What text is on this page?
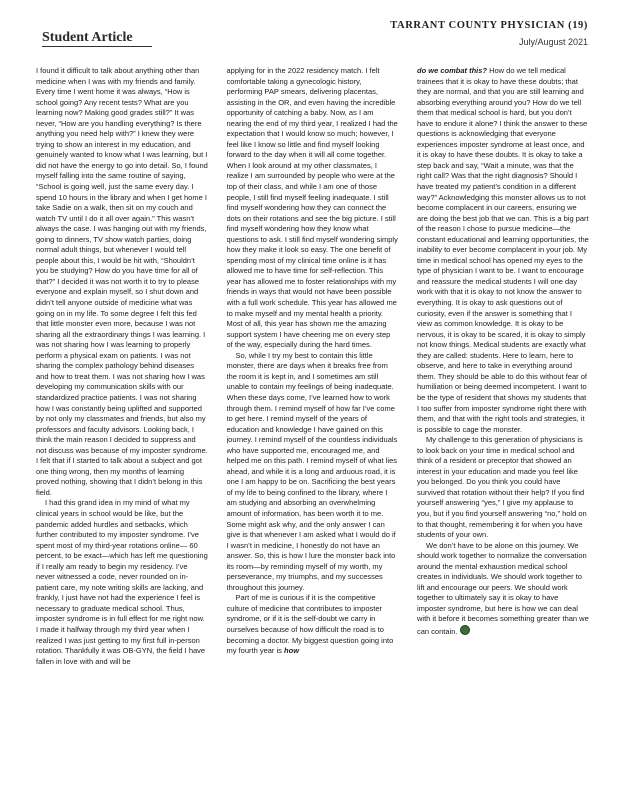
Student Article
TARRANT COUNTY PHYSICIAN (19)
July/August 2021

I found it difficult to talk about anything other than medicine when I was with my friends and family. Every time I went home it was always, “How is school going? Any recent tests? What are you learning now? Making good grades still?” It was never, “How are you handling everything? Is there anything you need help with?” I knew they were trying to show an interest in my education, and genuinely wanted to know what I was learning, but I did not have the energy to go into detail. So, I found myself falling into the same routine of saying, “School is going well, just the same every day. I spend 10 hours in the library and when I get home I take Sadie on a walk, then sit on my couch and watch TV until I do it all over again.” This wasn’t always the case. I was hanging out with my friends, going to dinners, TV show watch parties, doing normal adult things, but whenever I would tell people about this, I would be hit with, “Shouldn’t you be studying? How do you have time for all of that?” I decided it was not worth it to try to please everyone and explain myself, so I shut down and didn’t tell anyone outside of medicine what was going on in my life. To some degree I felt this fed that little monster even more, because I was not sharing all the extraordinary things I was learning. I was not sharing how I was learning to properly perform a physical exam on patients. I was not sharing the complex pathology behind diseases and how to treat them. I was not sharing how I was developing my communication skills with our standardized practice patients. I was not sharing how I was constantly being uplifted and supported by not only my classmates and friends, but also my professors and faculty advisors. Looking back, I think the main reason I decided to suppress and not discuss was because of my imposter syndrome. I felt that if I started to talk about a subject and got one thing wrong, then my months of learning proved nothing, showing that I didn’t belong in this field.

I had this grand idea in my mind of what my clinical years in school would be like, but the pandemic added hurdles and setbacks, which further contributed to my imposter syndrome. I’ve spent most of my third-year rotations online— 60 percent, to be exact—which has left me questioning if I really am ready to begin my residency. I’ve never witnessed a code, never rounded on in-patient care, my note writing skills are lacking, and frankly, I just have not had the experience I feel is necessary to graduate medical school. Thus, imposter syndrome is in full effect for me right now. I made it halfway through my third year when I realized I was just getting to my first full in-person rotation. Thankfully it was OB-GYN, the field I have fallen in love with and will be

applying for in the 2022 residency match. I felt comfortable taking a gynecologic history, performing PAP smears, delivering placentas, assisting in the OR, and even having the incredible opportunity of catching a baby. Now, as I am nearing the end of my third year, I realized I had the expectation that I would know so much; however, I feel like I know so little and find myself looking forward to the day when it will all come together. When I look around at my other classmates, I realize I am surrounded by people who were at the top of their class, and while I am one of those people, I still find myself feeling inadequate. I still find myself wondering how they can connect the dots on their rotations and see the big picture. I still find myself wondering how they know what questions to ask. I still find myself wondering simply how they make it look so easy. The one benefit of spending most of my clinical time online is it has allowed me to have time for self-reflection. This year has allowed me to foster relationships with my friends in ways that would not have been possible with a full work schedule. This year has allowed me to make myself and my mental health a priority. Most of all, this year has shown me the amazing support system I have cheering me on every step of the way, especially during the hard times.

So, while I try my best to contain this little monster, there are days when it breaks free from the room it is kept in, and I sometimes am still unable to contain my feelings of being inadequate. When these days come, I’ve learned how to work through them. I remind myself of how far I’ve come to get here. I remind myself of the years of education and knowledge I have gained on this journey. I remind myself of the countless individuals who have supported me, encouraged me, and helped me on this path. I remind myself of what lies ahead, and while it is a long and arduous road, it is one I am happy to be on. Sacrificing the best years of my life to being confined to the library, where I am studying and absorbing an overwhelming amount of information, has been worth it to me. Some might ask why, and the only answer I can give is that whenever I am asked what I would do if I wasn’t in medicine, I honestly do not have an answer. So, this is how I lure the monster back into its room—by reminding myself of my worth, my perseverance, my triumphs, and my successes throughout this journey.

Part of me is curious if it is the competitive culture of medicine that contributes to imposter syndrome, or if it is the self-doubt we carry in ourselves because of how difficult the road is to becoming a doctor. My biggest question going into my fourth year is how

do we combat this? How do we tell medical trainees that it is okay to have these doubts; that they are normal, and that you are still learning and absorbing everything around you? How do we tell them that medical school is hard, but you don’t have to endure it alone? I think the answer to these questions is acknowledging that everyone experiences imposter syndrome at least once, and it is okay to have these doubts. It is okay to take a step back and say, “Wait a minute, was that the right call? Was that the right diagnosis? Should I have treated my patient’s condition in a different way?” Acknowledging this monster allows us to not become complacent in our careers, ensuring we are doing the best job that we can. This is a big part of the reason I chose to pursue medicine—the constant educational and learning opportunities, the inability to ever become complacent in your job. My time in medical school has opened my eyes to the type of physician I want to be. I want to encourage and reassure the medical students I will one day work with that it is okay to not know the answer to everything. It is okay to ask questions out of curiosity, even if the answer is something that I view as common knowledge. It is okay to be nervous, it is okay to be scared, it is okay to simply not know things. Medical students are exactly what they are called: students. Here to learn, here to observe, and here to take in everything around them. They should be able to do this without fear of humiliation or being deemed incompetent. I want to be the type of resident that shows my students that I too suffer from imposter syndrome right there with them, and that with the right tools and strategies, it is possible to cage the monster.

My challenge to this generation of physicians is to look back on your time in medical school and think of a resident or preceptor that showed an interest in your education and made you feel like you belonged. Do you think you could have survived that rotation without their help? If you find yourself answering “yes,” I give my applause to you, but if you find yourself answering “no,” hold on to that thought, remembering it for when you have students of your own.

We don’t have to be alone on this journey. We should work together to normalize the conversation around the mental exhaustion medical school creates in individuals. We should work together to lift and encourage our peers. We should work together to ultimately say it is okay to have imposter syndrome, but here is how we can deal with it before it becomes something greater than we can contain.
